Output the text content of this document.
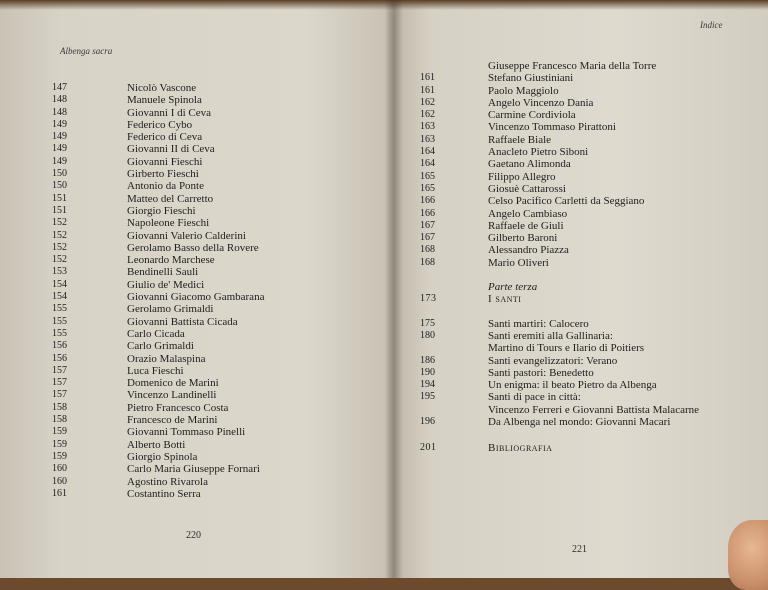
Albenga sacra
147	Nicolò Vascone
148	Manuele Spinola
148	Giovanni I di Ceva
149	Federico Cybo
149	Federico di Ceva
149	Giovanni II di Ceva
149	Giovanni Fieschi
150	Girberto Fieschi
150	Antonio da Ponte
151	Matteo del Carretto
151	Giorgio Fieschi
152	Napoleone Fieschi
152	Giovanni Valerio Calderini
152	Gerolamo Basso della Rovere
152	Leonardo Marchese
153	Bendinelli Sauli
154	Giulio de' Medici
154	Giovanni Giacomo Gambarana
155	Gerolamo Grimaldi
155	Giovanni Battista Cicada
155	Carlo Cicada
156	Carlo Grimaldi
156	Orazio Malaspina
157	Luca Fieschi
157	Domenico de Marini
157	Vincenzo Landinelli
158	Pietro Francesco Costa
158	Francesco de Marini
159	Giovanni Tommaso Pinelli
159	Alberto Botti
159	Giorgio Spinola
160	Carlo Maria Giuseppe Fornari
160	Agostino Rivarola
161	Costantino Serra
220
Indice
Giuseppe Francesco Maria della Torre
161	Stefano Giustiniani
161	Paolo Maggiolo
162	Angelo Vincenzo Dania
162	Carmine Cordiviola
163	Vincenzo Tommaso Pirattoni
163	Raffaele Biale
164	Anacleto Pietro Siboni
164	Gaetano Alimonda
165	Filippo Allegro
165	Giosuè Cattarossi
166	Celso Pacifico Carletti da Seggiano
166	Angelo Cambiaso
167	Raffaele de Giuli
167	Gilberto Baroni
168	Alessandro Piazza
168	Mario Oliveri
Parte terza
173	I santi
175	Santi martiri: Calocero
180	Santi eremiti alla Gallinaria:
Martino di Tours e Ilario di Poitiers
186	Santi evangelizzatori: Verano
190	Santi pastori: Benedetto
194	Un enigma: il beato Pietro da Albenga
195	Santi di pace in città:
Vincenzo Ferreri e Giovanni Battista Malacarne
196	Da Albenga nel mondo: Giovanni Macari
201	Bibliografia
221
